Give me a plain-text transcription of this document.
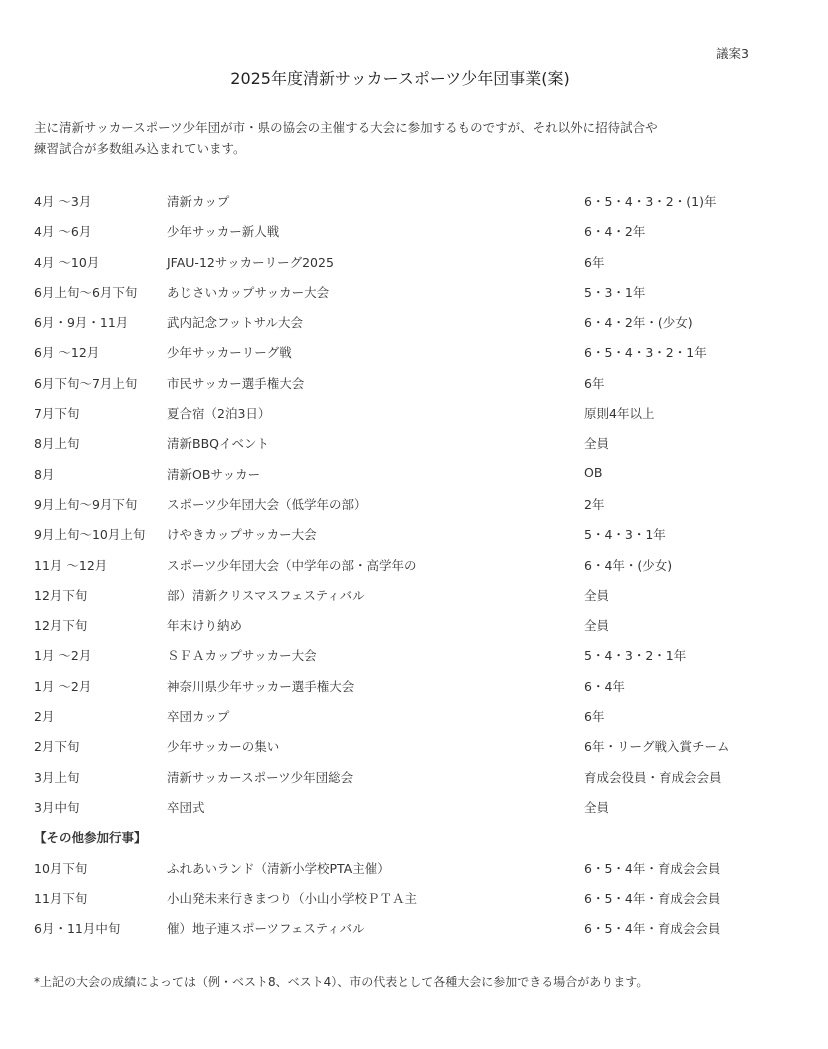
議案3
2025年度清新サッカースポーツ少年団事業(案)
主に清新サッカースポーツ少年団が市・県の協会の主催する大会に参加するものですが、それ以外に招待試合や
練習試合が多数組み込まれています。
4月 ～3月	清新カップ	6・5・4・3・2・(1)年
4月 ～6月	少年サッカー新人戦	6・4・2年
4月 ～10月	JFAU-12サッカーリーグ2025	6年
6月上旬～6月下旬 あじさいカップサッカー大会	5・3・1年
6月・9月・11月	武内記念フットサル大会	6・4・2年・(少女)
6月 ～12月	少年サッカーリーグ戦	6・5・4・3・2・1年
6月下旬～7月上旬 市民サッカー選手権大会	6年
7月下旬	夏合宿（2泊3日）	原則4年以上
8月上旬	清新BBQイベント	全員
8月	清新OBサッカー	OB
9月上旬～9月下旬 スポーツ少年団大会（低学年の部）	2年
9月上旬～10月上旬 けやきカップサッカー大会	5・4・3・1年
11月 ～12月	スポーツ少年団大会（中学年の部・高学年の	6・4年・(少女)
12月下旬	部）清新クリスマスフェスティバル	全員
12月下旬	年末けり納め	全員
1月 ～2月	ＳＦＡカップサッカー大会	5・4・3・2・1年
1月 ～2月	神奈川県少年サッカー選手権大会	6・4年
2月	卒団カップ	6年
2月下旬	少年サッカーの集い	6年・リーグ戦入賞チーム
3月上旬	清新サッカースポーツ少年団総会	育成会役員・育成会会員
3月中旬	卒団式	全員
【その他参加行事】
10月下旬	ふれあいランド（清新小学校PTA主催）	6・5・4年・育成会会員
11月下旬	小山発未来行きまつり（小山小学校ＰＴＡ主	6・5・4年・育成会会員
6月・11月中旬	催）地子連スポーツフェスティバル	6・5・4年・育成会会員
*上記の大会の成績によっては（例・ベスト8、ベスト4）、市の代表として各種大会に参加できる場合があります。
